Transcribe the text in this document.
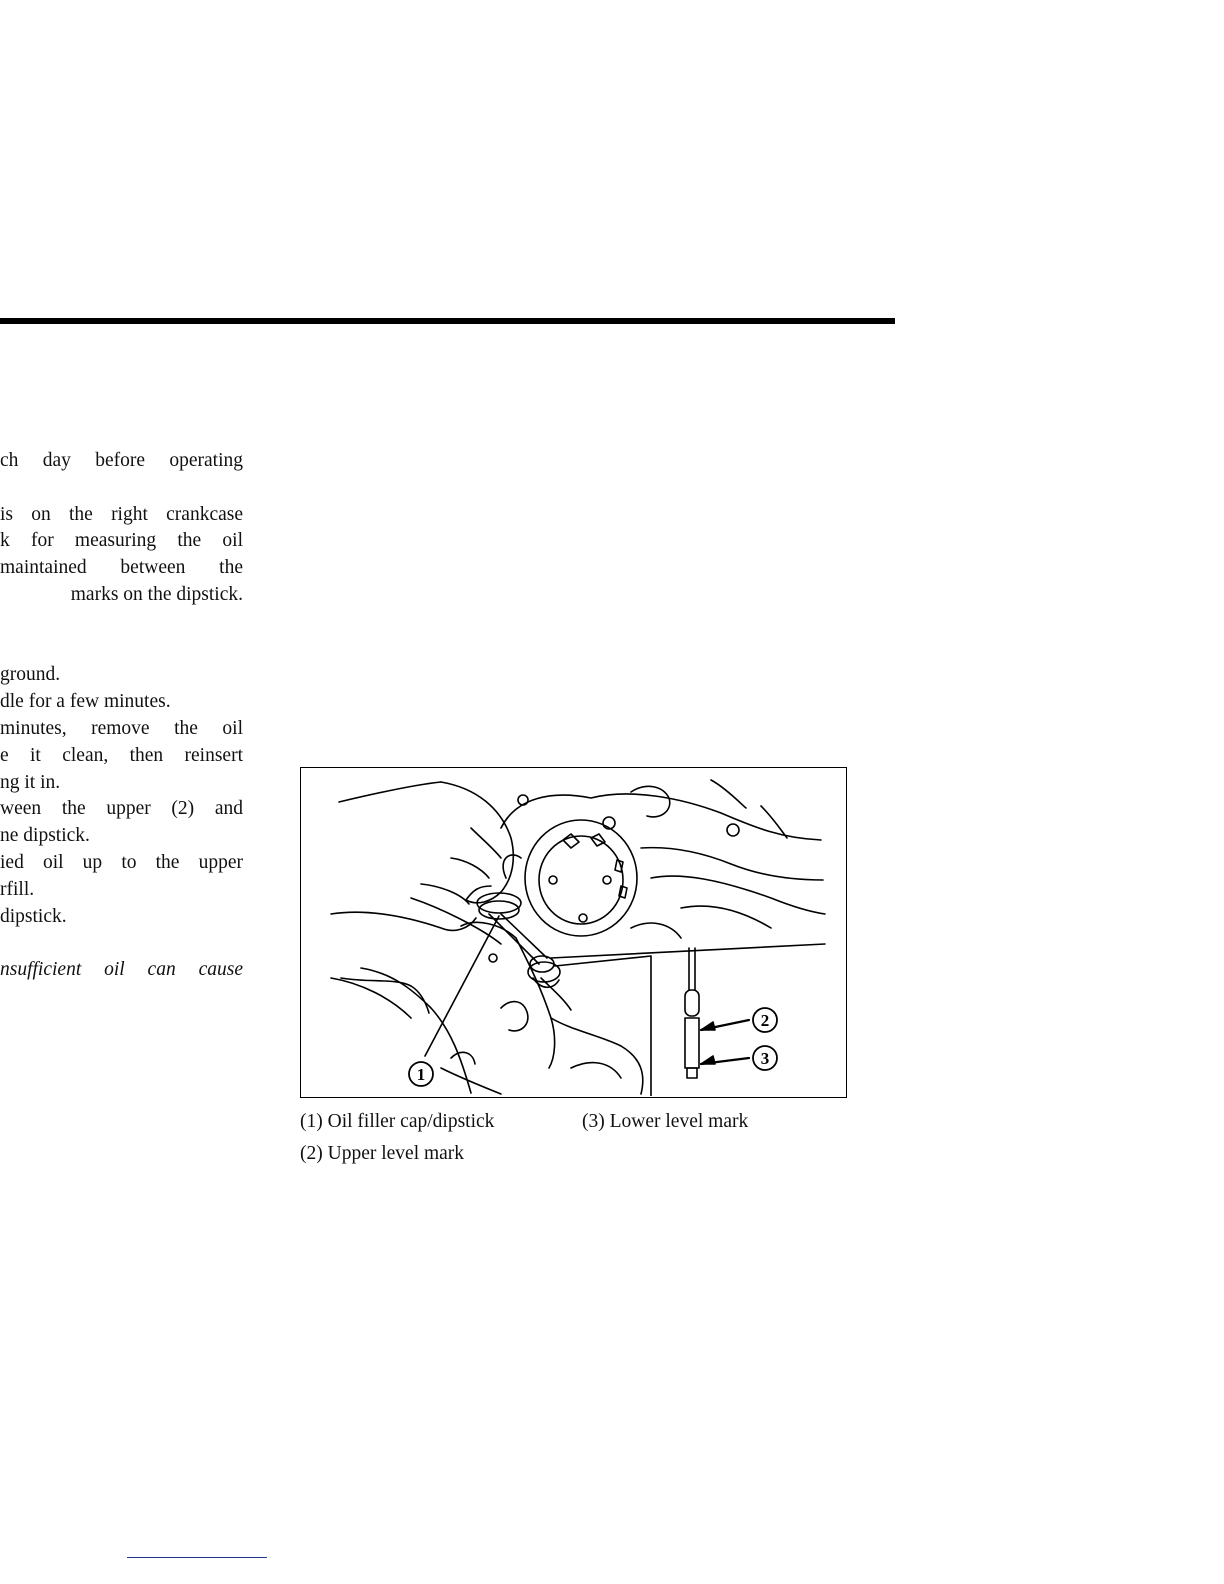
ch day before operating
is on the right crankcase
k for measuring the oil
maintained between the
marks on the dipstick.
ground.
dle for a few minutes.
minutes, remove the oil
e it clean, then reinsert
ng it in.
ween the upper (2) and
ne dipstick.
ied oil up to the upper
rfill.
dipstick.
nsufficient oil can cause
1
2
3
(1) Oil filler cap/dipstick
(2) Upper level mark
(3) Lower level mark
